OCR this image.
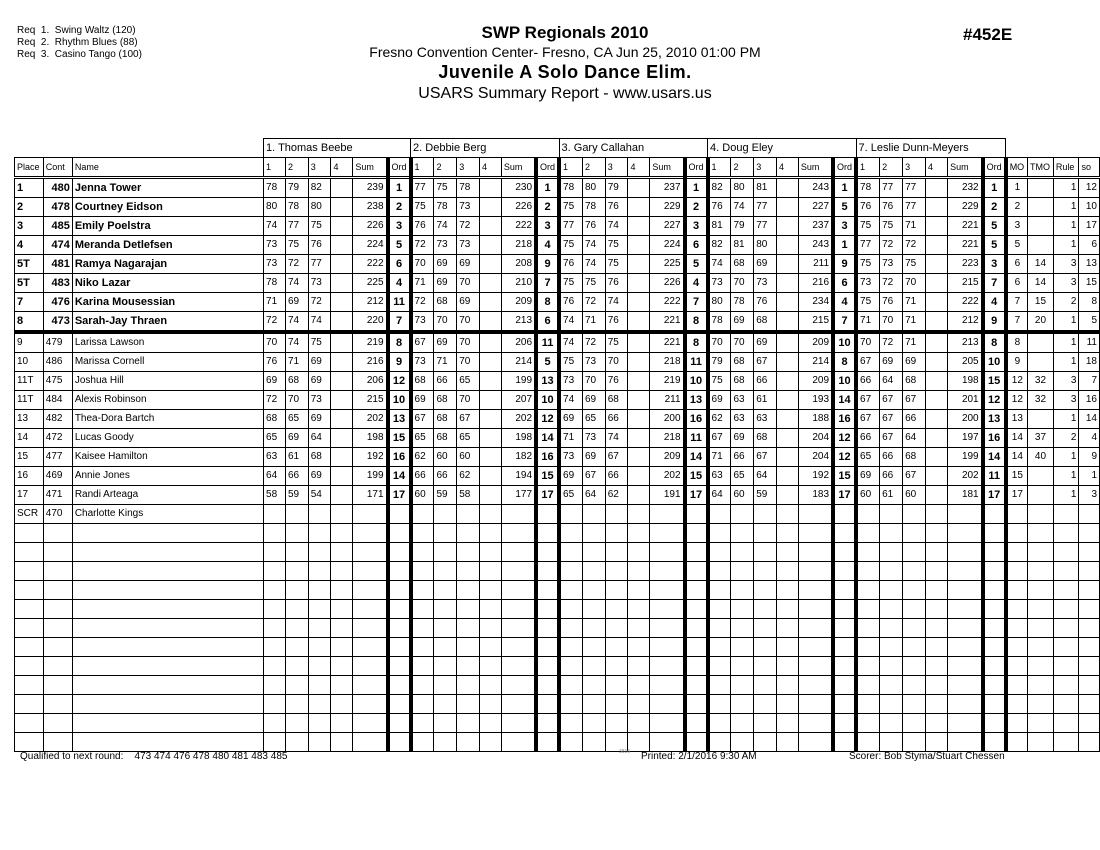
Req  1.  Swing Waltz (120)
Req  2.  Rhythm Blues (88)
Req  3.  Casino Tango (100)
SWP Regionals 2010
Fresno Convention Center- Fresno, CA Jun 25, 2010 01:00 PM
Juvenile A Solo Dance Elim.
USARS Summary Report - www.usars.us
#452E
			1. Thomas Beebe						2. Debbie Berg						3. Gary Callahan						4. Doug Eley						7. Leslie Dunn-Meyers									
Place	Cont	Name	1	2	3	4	Sum	Ord	1	2	3	4	Sum	Ord	1	2	3	4	Sum	Ord	1	2	3	4	Sum	Ord	1	2	3	4	Sum	Ord	MO	TMO	Rule	so
1	480	Jenna Tower	78	79	82		239	1	77	75	78		230	1	78	80	79		237	1	82	80	81		243	1	78	77	77		232	1	1		1	12
2	478	Courtney Eidson	80	78	80		238	2	75	78	73		226	2	75	78	76		229	2	76	74	77		227	5	76	76	77		229	2	2		1	10
3	485	Emily Poelstra	74	77	75		226	3	76	74	72		222	3	77	76	74		227	3	81	79	77		237	3	75	75	71		221	5	3		1	17
4	474	Meranda Detlefsen	73	75	76		224	5	72	73	73		218	4	75	74	75		224	6	82	81	80		243	1	77	72	72		221	5	5		1	6
5T	481	Ramya Nagarajan	73	72	77		222	6	70	69	69		208	9	76	74	75		225	5	74	68	69		211	9	75	73	75		223	3	6	14	3	13
5T	483	Niko Lazar	78	74	73		225	4	71	69	70		210	7	75	75	76		226	4	73	70	73		216	6	73	72	70		215	7	6	14	3	15
7	476	Karina Mousessian	71	69	72		212	11	72	68	69		209	8	76	72	74		222	7	80	78	76		234	4	75	76	71		222	4	7	15	2	8
8	473	Sarah-Jay Thraen	72	74	74		220	7	73	70	70		213	6	74	71	76		221	8	78	69	68		215	7	71	70	71		212	9	7	20	1	5
9	479	Larissa Lawson	70	74	75		219	8	67	69	70		206	11	74	72	75		221	8	70	70	69		209	10	70	72	71		213	8	8		1	11
10	486	Marissa Cornell	76	71	69		216	9	73	71	70		214	5	75	73	70		218	11	79	68	67		214	8	67	69	69		205	10	9		1	18
11T	475	Joshua Hill	69	68	69		206	12	68	66	65		199	13	73	70	76		219	10	75	68	66		209	10	66	64	68		198	15	12	32	3	7
11T	484	Alexis Robinson	72	70	73		215	10	69	68	70		207	10	74	69	68		211	13	69	63	61		193	14	67	67	67		201	12	12	32	3	16
13	482	Thea-Dora Bartch	68	65	69		202	13	67	68	67		202	12	69	65	66		200	16	62	63	63		188	16	67	67	66		200	13	13		1	14
14	472	Lucas Goody	65	69	64		198	15	65	68	65		198	14	71	73	74		218	11	67	69	68		204	12	66	67	64		197	16	14	37	2	4
15	477	Kaisee Hamilton	63	61	68		192	16	62	60	60		182	16	73	69	67		209	14	71	66	67		204	12	65	66	68		199	14	14	40	1	9
16	469	Annie Jones	64	66	69		199	14	66	66	62		194	15	69	67	66		202	15	63	65	64		192	15	69	66	67		202	11	15		1	1
17	471	Randi Arteaga	58	59	54		171	17	60	59	58		177	17	65	64	62		191	17	64	60	59		183	17	60	61	60		181	17	17		1	3
SCR	470	Charlotte Kings																																		

Qualified to next round: 473 474 476 478 480 481 483 485	3816 Printed: 2/1/2016 9:30 AM	Scorer: Bob Styma/Stuart Chessen
